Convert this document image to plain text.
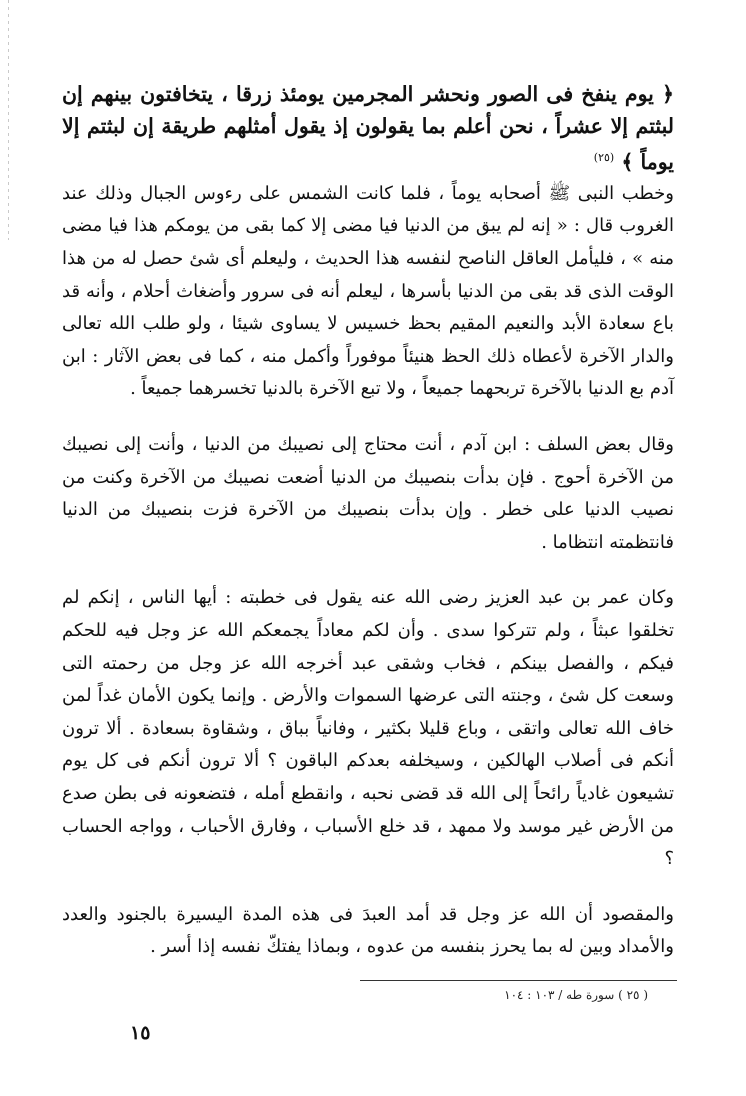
﴿ يوم ينفخ فى الصور ونحشر المجرمين يومئذ زرقا ، يتخافتون بينهم إن لبثتم إلا عشراً ، نحن أعلم بما يقولون إذ يقول أمثلهم طريقة إن لبثتم إلا يوماً ﴾ $^{(٢٥)}$

وخطب النبى ﷺ أصحابه يوماً ، فلما كانت الشمس على رءوس الجبال وذلك عند الغروب قال : « إنه لم يبق من الدنيا فيا مضى إلا كما بقى من يومكم هذا فيا مضى منه » ، فليأمل العاقل الناصح لنفسه هذا الحديث ، وليعلم أى شئ حصل له من هذا الوقت الذى قد بقى من الدنيا بأسرها ، ليعلم أنه فى سرور وأضغاث أحلام ، وأنه قد باع سعادة الأبد والنعيم المقيم بحظ خسيس لا يساوى شيئا ، ولو طلب الله تعالى والدار الآخرة لأعطاه ذلك الحظ هنيئاً موفوراً وأكمل منه ، كما فى بعض الآثار : ابن آدم بع الدنيا بالآخرة تربحهما جميعاً ، ولا تبع الآخرة بالدنيا تخسرهما جميعاً .

وقال بعض السلف : ابن آدم ، أنت محتاج إلى نصيبك من الدنيا ، وأنت إلى نصيبك من الآخرة أحوج . فإن بدأت بنصيبك من الدنيا أضعت نصيبك من الآخرة وكنت من نصيب الدنيا على خطر . وإن بدأت بنصيبك من الآخرة فزت بنصيبك من الدنيا فانتظمته انتظاما .

وكان عمر بن عبد العزيز رضى الله عنه يقول فى خطبته : أيها الناس ، إنكم لم تخلقوا عبثاً ، ولم تتركوا سدى . وأن لكم معاداً يجمعكم الله عز وجل فيه للحكم فيكم ، والفصل بينكم ، فخاب وشقى عبد أخرجه الله عز وجل من رحمته التى وسعت كل شئ ، وجنته التى عرضها السموات والأرض . وإنما يكون الأمان غداً لمن خاف الله تعالى واتقى ، وباع قليلا بكثير ، وفانياً بباق ، وشقاوة بسعادة . ألا ترون أنكم فى أصلاب الهالكين ، وسيخلفه بعدكم الباقون ؟ ألا ترون أنكم فى كل يوم تشيعون غادياً رائحاً إلى الله قد قضى نحبه ، وانقطع أمله ، فتضعونه فى بطن صدع من الأرض غير موسد ولا ممهد ، قد خلع الأسباب ، وفارق الأحباب ، وواجه الحساب ؟

والمقصود أن الله عز وجل قد أمد العبدَ فى هذه المدة اليسيرة بالجنود والعدد والأمداد وبين له بما يحرز بنفسه من عدوه ، وبماذا يفتكّ نفسه إذا أسر .

( ٢٥ ) سورة طه / ١٠٣ : ١٠٤
١٥
